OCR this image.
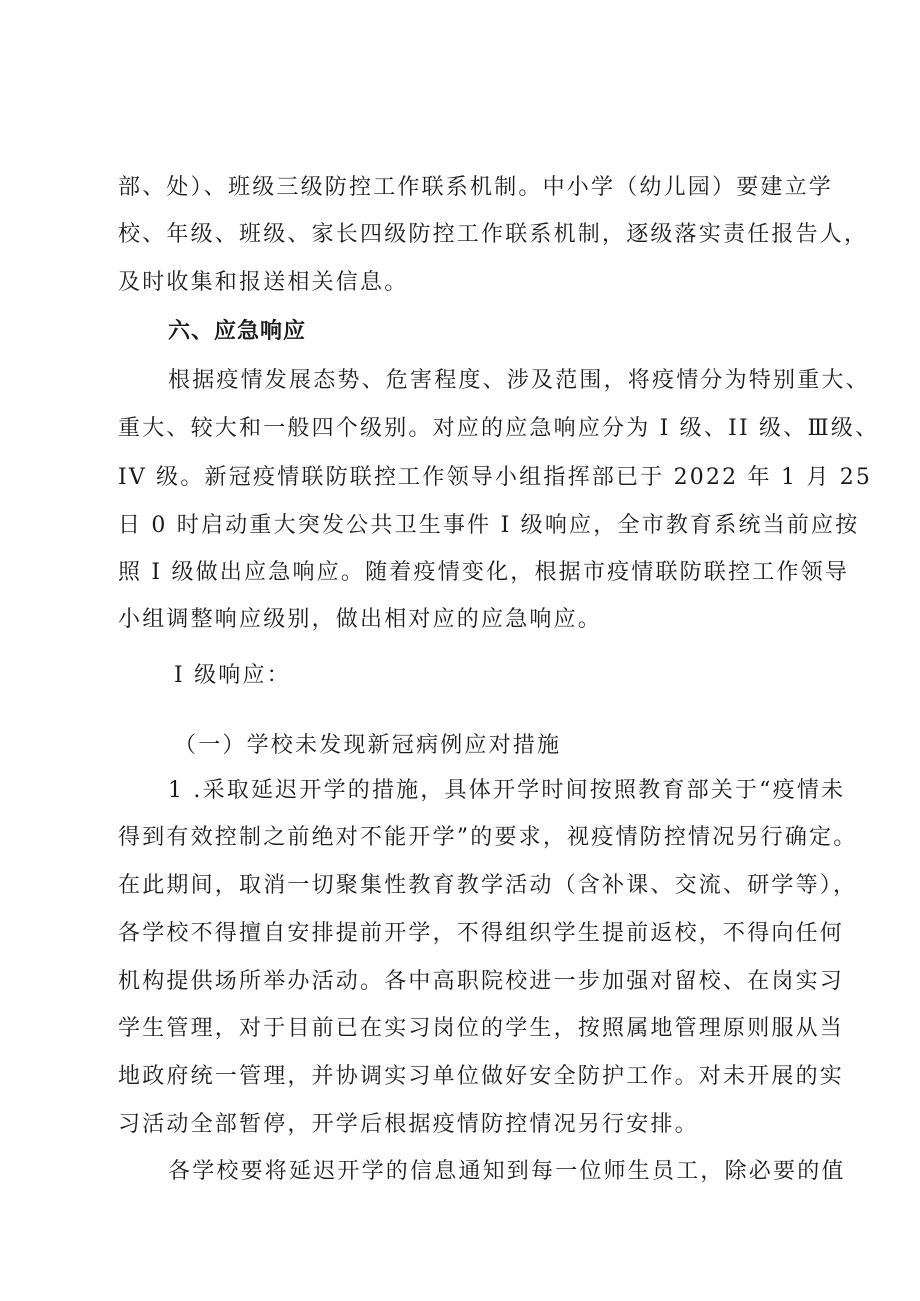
部、处）、班级三级防控工作联系机制。中小学（幼儿园）要建立学
校、年级、班级、家长四级防控工作联系机制，逐级落实责任报告人，
及时收集和报送相关信息。
六、应急响应
根据疫情发展态势、危害程度、涉及范围，将疫情分为特别重大、
重大、较大和一般四个级别。对应的应急响应分为 I 级、II 级、Ⅲ级、
IV 级。新冠疫情联防联控工作领导小组指挥部已于 2022 年 1 月 25
日 0 时启动重大突发公共卫生事件 I 级响应，全市教育系统当前应按
照 I 级做出应急响应。随着疫情变化，根据市疫情联防联控工作领导
小组调整响应级别，做出相对应的应急响应。
I 级响应：
（一）学校未发现新冠病例应对措施
1 .采取延迟开学的措施，具体开学时间按照教育部关于“疫情未
得到有效控制之前绝对不能开学”的要求，视疫情防控情况另行确定。
在此期间，取消一切聚集性教育教学活动（含补课、交流、研学等），
各学校不得擅自安排提前开学，不得组织学生提前返校，不得向任何
机构提供场所举办活动。各中高职院校进一步加强对留校、在岗实习
学生管理，对于目前已在实习岗位的学生，按照属地管理原则服从当
地政府统一管理，并协调实习单位做好安全防护工作。对未开展的实
习活动全部暂停，开学后根据疫情防控情况另行安排。
各学校要将延迟开学的信息通知到每一位师生员工，除必要的值
